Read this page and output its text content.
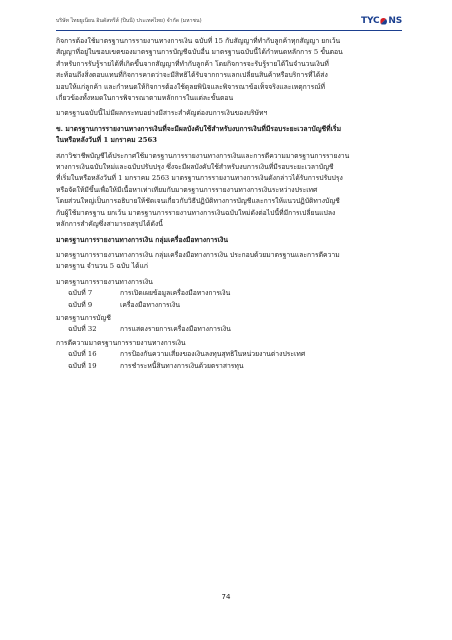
บริษัท ไทยยูเนียน อินดัสทรีส์ (ปีนนี) ประเทศไทย) จำกัด (มหาชน)	TYC NS
กิจการต้องใช้มาตรฐานการรายงานทางการเงิน ฉบับที่ 15 กับสัญญาที่ทำกับลูกค้าทุกสัญญา ยกเว้น
สัญญาที่อยู่ในขอบเขตของมาตรฐานการบัญชีฉบับอื่น มาตรฐานฉบับนี้ได้กำหนดหลักการ 5 ขั้นตอน
สำหรับการรับรู้รายได้ที่เกิดขึ้นจากสัญญาที่ทำกับลูกค้า โดยกิจการจะรับรู้รายได้ในจำนวนเงินที่
สะท้อนถึงสิ่งตอบแทนที่กิจการคาดว่าจะมีสิทธิได้รับจากการแลกเปลี่ยนสินค้าหรือบริการที่ได้ส่ง
มอบให้แก่ลูกค้า และกำหนดให้กิจการต้องใช้ดุลยพินิจและพิจารณาข้อเท็จจริงและเหตุการณ์ที่
เกี่ยวข้องทั้งหมดในการพิจารณาตามหลักการในแต่ละขั้นตอน
มาตรฐานฉบับนี้ไม่มีผลกระทบอย่างมีสาระสำคัญต่องบการเงินของบริษัทฯ
ข. มาตรฐานการรายงานทางการเงินที่จะมีผลบังคับใช้สำหรับงบการเงินที่มีรอบระยะเวลาบัญชีที่เริ่ม
ในหรือหลังวันที่ 1 มกราคม 2563
สภาวิชาชีพบัญชีได้ประกาศใช้มาตรฐานการรายงานทางการเงินและการตีความมาตรฐานการรายงาน
ทางการเงินฉบับใหม่และฉบับปรับปรุง ซึ่งจะมีผลบังคับใช้สำหรับงบการเงินที่มีรอบระยะเวลาบัญชี
ที่เริ่มในหรือหลังวันที่ 1 มกราคม 2563 มาตรฐานการรายงานทางการเงินดังกล่าวได้รับการปรับปรุง
หรือจัดให้มีขึ้นเพื่อให้มีเนื้อหาเท่าเทียมกับมาตรฐานการรายงานทางการเงินระหว่างประเทศ
โดยส่วนใหญ่เป็นการอธิบายให้ชัดเจนเกี่ยวกับวิธีปฏิบัติทางการบัญชีและการให้แนวปฏิบัติทางบัญชี
กับผู้ใช้มาตรฐาน ยกเว้น มาตรฐานการรายงานทางการเงินฉบับใหม่ดังต่อไปนี้ที่มีการเปลี่ยนแปลง
หลักการสำคัญซึ่งสามารถสรุปได้ดังนี้
มาตรฐานการรายงานทางการเงิน กลุ่มเครื่องมือทางการเงิน
มาตรฐานการรายงานทางการเงิน กลุ่มเครื่องมือทางการเงิน ประกอบด้วยมาตรฐานและการตีความ
มาตรฐาน จำนวน 5 ฉบับ ได้แก่
มาตรฐานการรายงานทางการเงิน
ฉบับที่ 7	การเปิดเผยข้อมูลเครื่องมือทางการเงิน
ฉบับที่ 9	เครื่องมือทางการเงิน
มาตรฐานการบัญชี
ฉบับที่ 32	การแสดงรายการเครื่องมือทางการเงิน
การตีความมาตรฐานการรายงานทางการเงิน
ฉบับที่ 16	การป้องกันความเสี่ยงของเงินลงทุนสุทธิในหน่วยงานต่างประเทศ
ฉบับที่ 19	การชำระหนี้สินทางการเงินด้วยตราสารทุน
74
